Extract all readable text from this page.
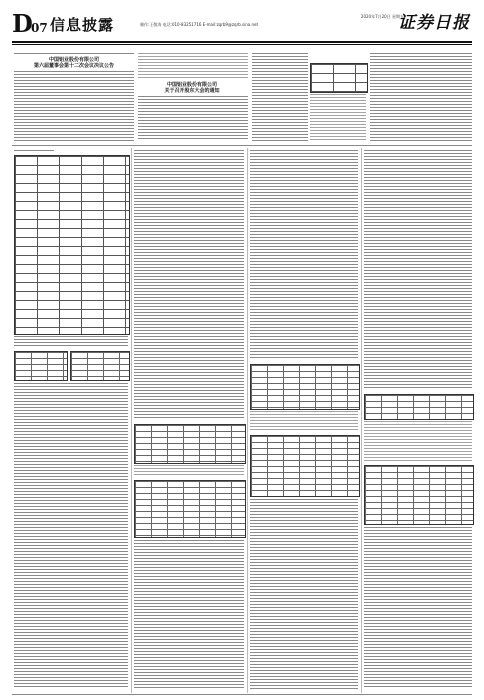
D
07 信息披露	2020年7月20日 星期五
制作:王敬涛 电话:010-83251716 E-mail:zqrb9@zqrb.sina.net	证券日报
中国铝业股份有限公司
第六届董事会第十二次会议决议公告
中国铝业股份有限公司
关于召开股东大会的通知
